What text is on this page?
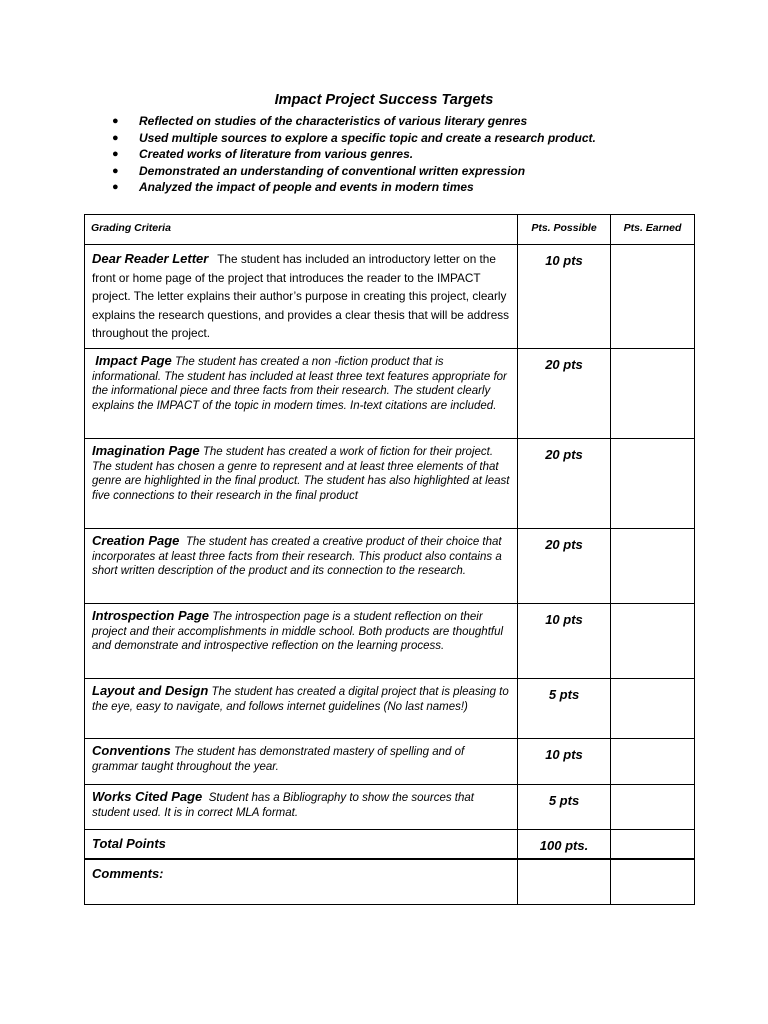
Impact Project Success Targets
● Reflected on studies of the characteristics of various literary genres
● Used multiple sources to explore a specific topic and create a research product.
● Created works of literature from various genres.
● Demonstrated an understanding of conventional written expression
● Analyzed the impact of people and events in modern times
Grading Criteria	Pts. Possible	Pts. Earned

Dear Reader Letter The student has included an introductory letter on the front or home page of the project that introduces the reader to the IMPACT project. The letter explains their author’s purpose in creating this project, clearly explains the research questions, and provides a clear thesis that will be address throughout the project.	10 pts	

Impact Page The student has created a non -fiction product that is informational. The student has included at least three text features appropriate for the informational piece and three facts from their research. The student clearly explains the IMPACT of the topic in modern times. In-text citations are included.	20 pts	

Imagination Page The student has created a work of fiction for their project. The student has chosen a genre to represent and at least three elements of that genre are highlighted in the final product. The student has also highlighted at least five connections to their research in the final product	20 pts	

Creation Page The student has created a creative product of their choice that incorporates at least three facts from their research. This product also contains a short written description of the product and its connection to the research.	20 pts	

Introspection Page The introspection page is a student reflection on their project and their accomplishments in middle school. Both products are thoughtful and demonstrate and introspective reflection on the learning process.	10 pts	

Layout and Design The student has created a digital project that is pleasing to the eye, easy to navigate, and follows internet guidelines (No last names!)	5 pts	

Conventions The student has demonstrated mastery of spelling and of grammar taught throughout the year.	10 pts	

Works Cited Page Student has a Bibliography to show the sources that student used. It is in correct MLA format.	5 pts	
Total Points	100 pts.	
Comments:		
